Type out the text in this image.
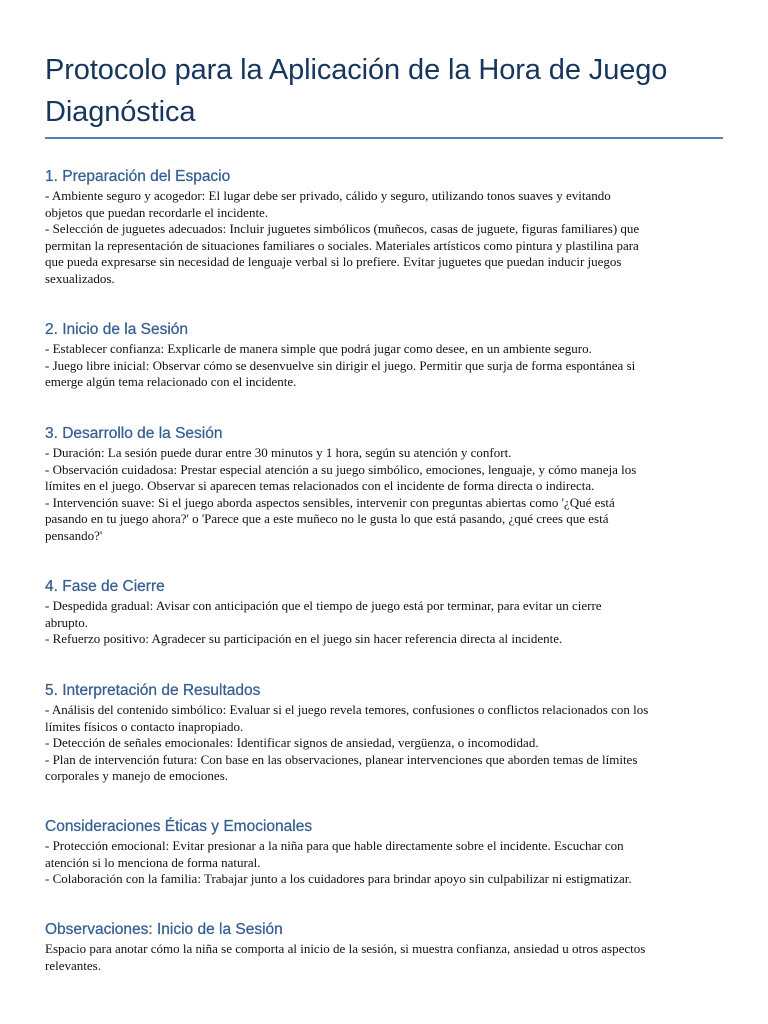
Protocolo para la Aplicación de la Hora de Juego
Diagnóstica
1. Preparación del Espacio

- Ambiente seguro y acogedor: El lugar debe ser privado, cálido y seguro, utilizando tonos suaves y evitando
objetos que puedan recordarle el incidente.
- Selección de juguetes adecuados: Incluir juguetes simbólicos (muñecos, casas de juguete, figuras familiares) que
permitan la representación de situaciones familiares o sociales. Materiales artísticos como pintura y plastilina para
que pueda expresarse sin necesidad de lenguaje verbal si lo prefiere. Evitar juguetes que puedan inducir juegos
sexualizados.

2. Inicio de la Sesión

- Establecer confianza: Explicarle de manera simple que podrá jugar como desee, en un ambiente seguro.
- Juego libre inicial: Observar cómo se desenvuelve sin dirigir el juego. Permitir que surja de forma espontánea si
emerge algún tema relacionado con el incidente.

3. Desarrollo de la Sesión

- Duración: La sesión puede durar entre 30 minutos y 1 hora, según su atención y confort.
- Observación cuidadosa: Prestar especial atención a su juego simbólico, emociones, lenguaje, y cómo maneja los
límites en el juego. Observar si aparecen temas relacionados con el incidente de forma directa o indirecta.
- Intervención suave: Si el juego aborda aspectos sensibles, intervenir con preguntas abiertas como '¿Qué está
pasando en tu juego ahora?' o 'Parece que a este muñeco no le gusta lo que está pasando, ¿qué crees que está
pensando?'

4. Fase de Cierre

- Despedida gradual: Avisar con anticipación que el tiempo de juego está por terminar, para evitar un cierre
abrupto.
- Refuerzo positivo: Agradecer su participación en el juego sin hacer referencia directa al incidente.

5. Interpretación de Resultados

- Análisis del contenido simbólico: Evaluar si el juego revela temores, confusiones o conflictos relacionados con los
límites físicos o contacto inapropiado.
- Detección de señales emocionales: Identificar signos de ansiedad, vergüenza, o incomodidad.
- Plan de intervención futura: Con base en las observaciones, planear intervenciones que aborden temas de límites
corporales y manejo de emociones.

Consideraciones Éticas y Emocionales

- Protección emocional: Evitar presionar a la niña para que hable directamente sobre el incidente. Escuchar con
atención si lo menciona de forma natural.
- Colaboración con la familia: Trabajar junto a los cuidadores para brindar apoyo sin culpabilizar ni estigmatizar.

Observaciones: Inicio de la Sesión

Espacio para anotar cómo la niña se comporta al inicio de la sesión, si muestra confianza, ansiedad u otros aspectos
relevantes.
